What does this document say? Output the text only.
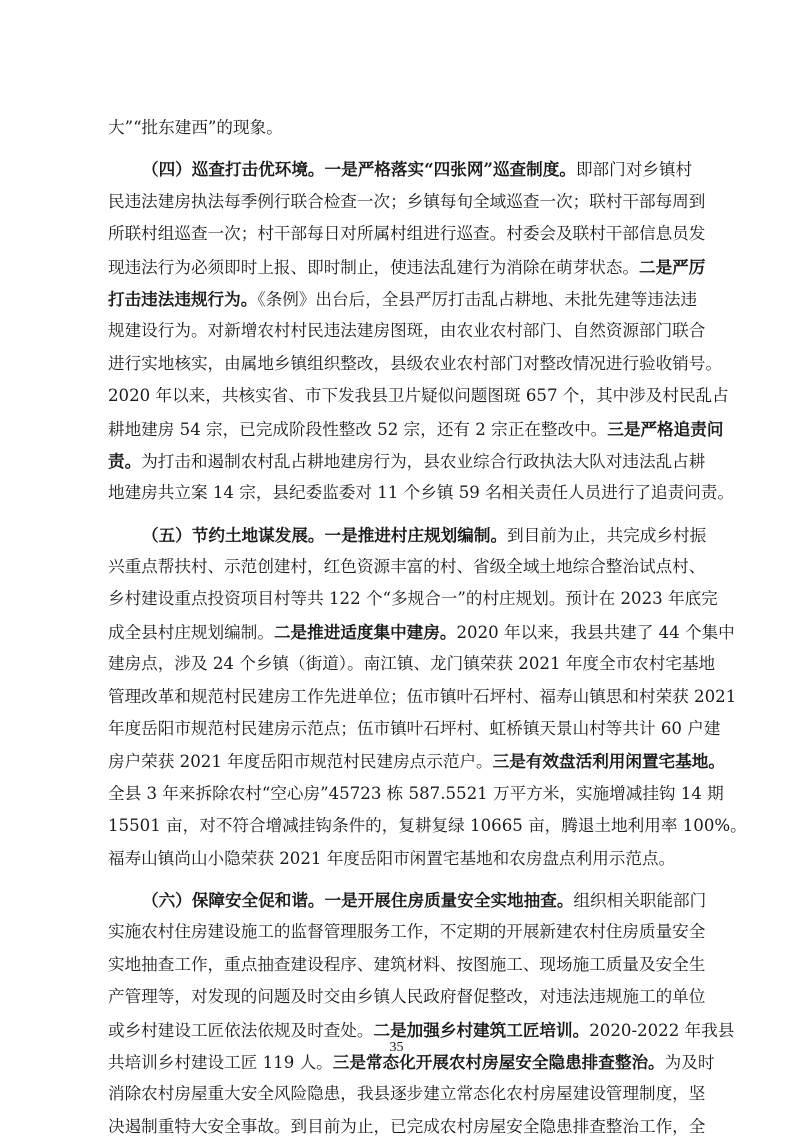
大”“批东建西”的现象。
（四）巡查打击优环境。一是严格落实“四张网”巡查制度。即部门对乡镇村
民违法建房执法每季例行联合检查一次；乡镇每旬全域巡查一次；联村干部每周到
所联村组巡查一次；村干部每日对所属村组进行巡查。村委会及联村干部信息员发
现违法行为必须即时上报、即时制止，使违法乱建行为消除在萌芽状态。二是严厉
打击违法违规行为。《条例》出台后，全县严厉打击乱占耕地、未批先建等违法违
规建设行为。对新增农村村民违法建房图斑，由农业农村部门、自然资源部门联合
进行实地核实，由属地乡镇组织整改，县级农业农村部门对整改情况进行验收销号。
2020 年以来，共核实省、市下发我县卫片疑似问题图斑 657 个，其中涉及村民乱占
耕地建房 54 宗，已完成阶段性整改 52 宗，还有 2 宗正在整改中。三是严格追责问
责。为打击和遏制农村乱占耕地建房行为，县农业综合行政执法大队对违法乱占耕
地建房共立案 14 宗，县纪委监委对 11 个乡镇 59 名相关责任人员进行了追责问责。
（五）节约土地谋发展。一是推进村庄规划编制。到目前为止，共完成乡村振
兴重点帮扶村、示范创建村，红色资源丰富的村、省级全域土地综合整治试点村、
乡村建设重点投资项目村等共 122 个“多规合一”的村庄规划。预计在 2023 年底完
成全县村庄规划编制。二是推进适度集中建房。2020 年以来，我县共建了 44 个集中
建房点，涉及 24 个乡镇（街道）。南江镇、龙门镇荣获 2021 年度全市农村宅基地
管理改革和规范村民建房工作先进单位；伍市镇叶石坪村、福寿山镇思和村荣获 2021
年度岳阳市规范村民建房示范点；伍市镇叶石坪村、虹桥镇天景山村等共计 60 户建
房户荣获 2021 年度岳阳市规范村民建房点示范户。三是有效盘活利用闲置宅基地。
全县 3 年来拆除农村“空心房”45723 栋 587.5521 万平方米，实施增减挂钩 14 期
15501 亩，对不符合增减挂钩条件的，复耕复绿 10665 亩，腾退土地利用率 100%。
福寿山镇尚山小隐荣获 2021 年度岳阳市闲置宅基地和农房盘点利用示范点。
（六）保障安全促和谐。一是开展住房质量安全实地抽查。组织相关职能部门
实施农村住房建设施工的监督管理服务工作，不定期的开展新建农村住房质量安全
实地抽查工作，重点抽查建设程序、建筑材料、按图施工、现场施工质量及安全生
产管理等，对发现的问题及时交由乡镇人民政府督促整改，对违法违规施工的单位
或乡村建设工匠依法依规及时查处。二是加强乡村建筑工匠培训。2020-2022 年我县
共培训乡村建设工匠 119 人。三是常态化开展农村房屋安全隐患排查整治。为及时
消除农村房屋重大安全风险隐患，我县逐步建立常态化农村房屋建设管理制度，坚
决遏制重特大安全事故。到目前为止，已完成农村房屋安全隐患排查整治工作，全
35
